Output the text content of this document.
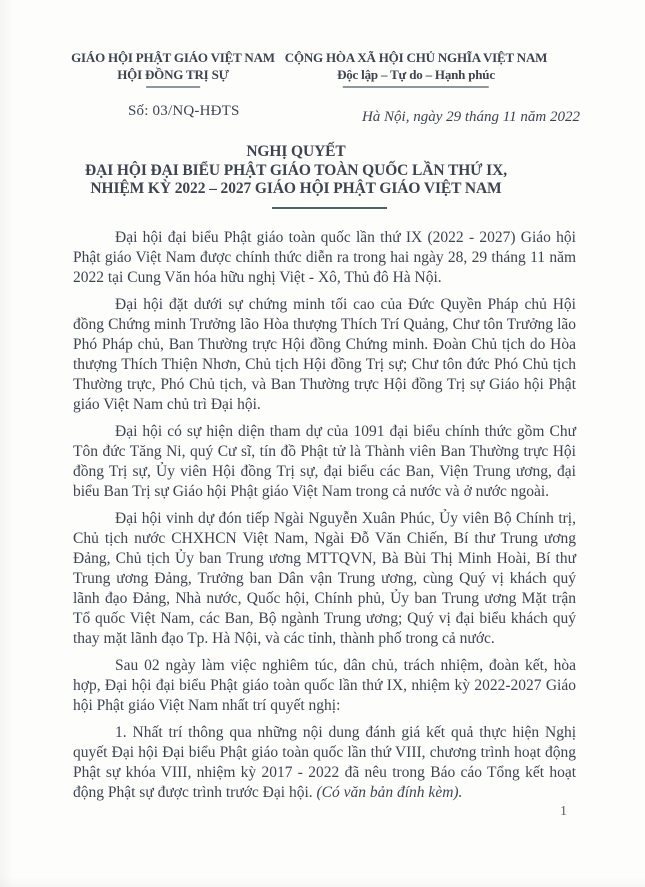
GIÁO HỘI PHẬT GIÁO VIỆT NAM
HỘI ĐỒNG TRỊ SỰ
CỘNG HÒA XÃ HỘI CHỦ NGHĨA VIỆT NAM
Độc lập – Tự do – Hạnh phúc
Số: 03/NQ-HĐTS	Hà Nội, ngày 29 tháng 11 năm 2022
NGHỊ QUYẾT
ĐẠI HỘI ĐẠI BIỂU PHẬT GIÁO TOÀN QUỐC LẦN THỨ IX,
NHIỆM KỲ 2022 – 2027 GIÁO HỘI PHẬT GIÁO VIỆT NAM

Đại hội đại biểu Phật giáo toàn quốc lần thứ IX (2022 - 2027) Giáo hội Phật giáo Việt Nam được chính thức diễn ra trong hai ngày 28, 29 tháng 11 năm 2022 tại Cung Văn hóa hữu nghị Việt - Xô, Thủ đô Hà Nội.

Đại hội đặt dưới sự chứng minh tối cao của Đức Quyền Pháp chủ Hội đồng Chứng minh Trưởng lão Hòa thượng Thích Trí Quảng, Chư tôn Trưởng lão Phó Pháp chủ, Ban Thường trực Hội đồng Chứng minh. Đoàn Chủ tịch do Hòa thượng Thích Thiện Nhơn, Chủ tịch Hội đồng Trị sự; Chư tôn đức Phó Chủ tịch Thường trực, Phó Chủ tịch, và Ban Thường trực Hội đồng Trị sự Giáo hội Phật giáo Việt Nam chủ trì Đại hội.

Đại hội có sự hiện diện tham dự của 1091 đại biểu chính thức gồm Chư Tôn đức Tăng Ni, quý Cư sĩ, tín đồ Phật tử là Thành viên Ban Thường trực Hội đồng Trị sự, Ủy viên Hội đồng Trị sự, đại biểu các Ban, Viện Trung ương, đại biểu Ban Trị sự Giáo hội Phật giáo Việt Nam trong cả nước và ở nước ngoài.

Đại hội vinh dự đón tiếp Ngài Nguyễn Xuân Phúc, Ủy viên Bộ Chính trị, Chủ tịch nước CHXHCN Việt Nam, Ngài Đỗ Văn Chiến, Bí thư Trung ương Đảng, Chủ tịch Ủy ban Trung ương MTTQVN, Bà Bùi Thị Minh Hoài, Bí thư Trung ương Đảng, Trưởng ban Dân vận Trung ương, cùng Quý vị khách quý lãnh đạo Đảng, Nhà nước, Quốc hội, Chính phủ, Ủy ban Trung ương Mặt trận Tổ quốc Việt Nam, các Ban, Bộ ngành Trung ương; Quý vị đại biểu khách quý thay mặt lãnh đạo Tp. Hà Nội, và các tỉnh, thành phố trong cả nước.

Sau 02 ngày làm việc nghiêm túc, dân chủ, trách nhiệm, đoàn kết, hòa hợp, Đại hội đại biểu Phật giáo toàn quốc lần thứ IX, nhiệm kỳ 2022-2027 Giáo hội Phật giáo Việt Nam nhất trí quyết nghị:

1. Nhất trí thông qua những nội dung đánh giá kết quả thực hiện Nghị quyết Đại hội Đại biểu Phật giáo toàn quốc lần thứ VIII, chương trình hoạt động Phật sự khóa VIII, nhiệm kỳ 2017 - 2022 đã nêu trong Báo cáo Tổng kết hoạt động Phật sự được trình trước Đại hội. (Có văn bản đính kèm).

1
